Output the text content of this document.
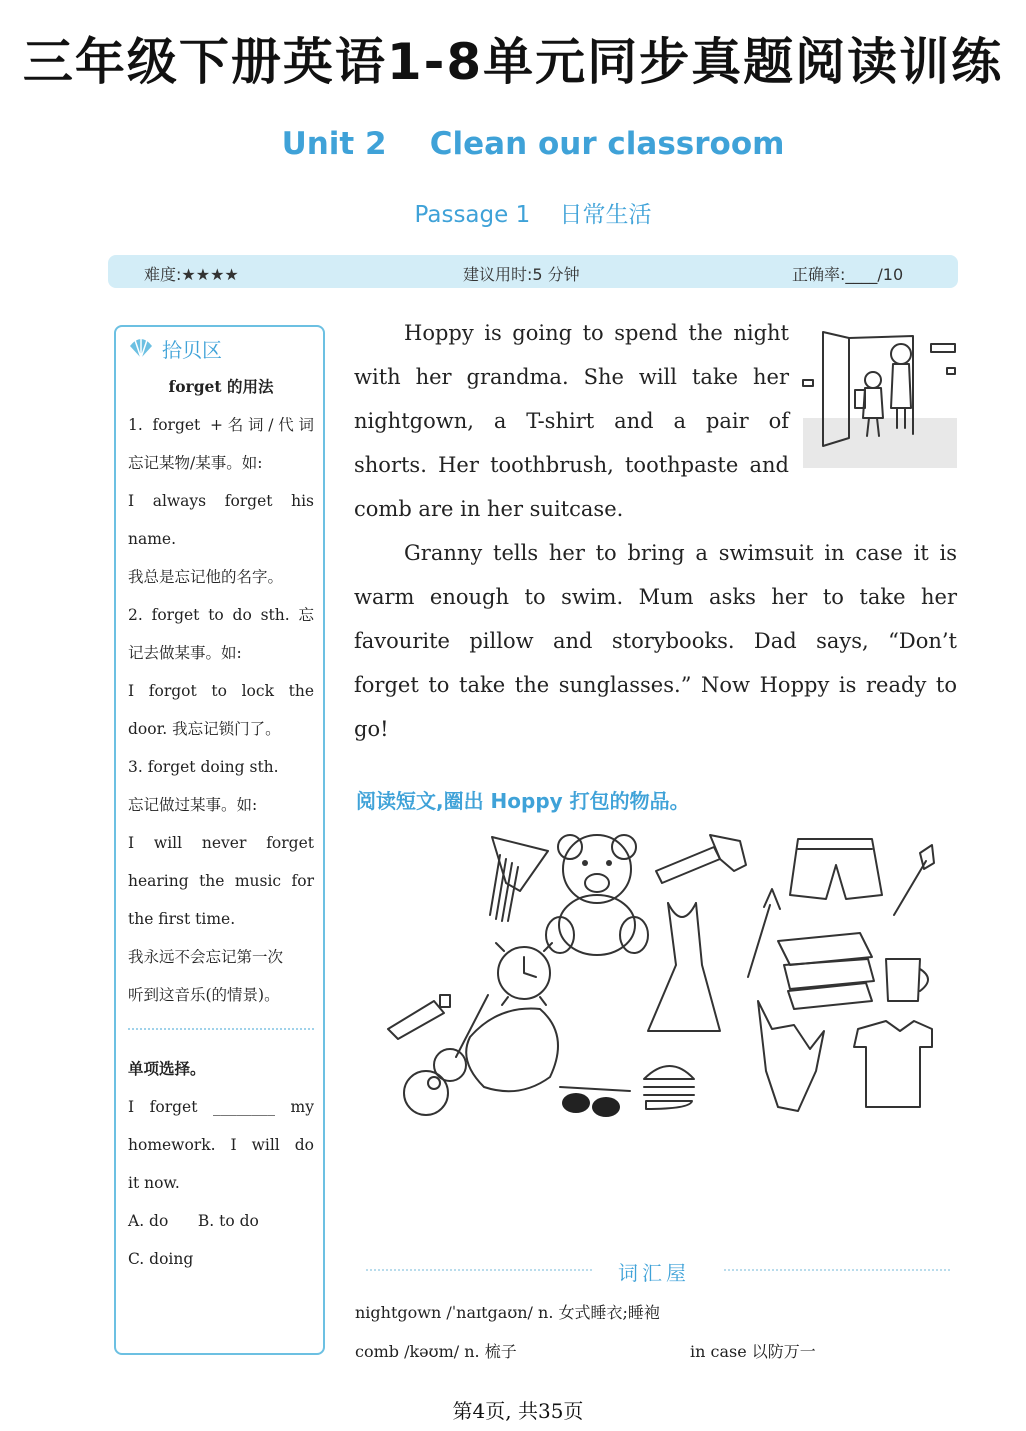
三年级下册英语1-8单元同步真题阅读训练
Unit 2    Clean our classroom
Passage 1    日常生活
难度:★★★★	建议用时:5 分钟	正确率:____/10
拾贝区
forget 的用法
1. forget +名词/代词
忘记某物/某事。如:
I always forget his
name.
我总是忘记他的名字。
2. forget to do sth. 忘
记去做某事。如:
I forgot to lock the
door. 我忘记锁门了。
3. forget doing sth.
忘记做过某事。如:
I will never forget
hearing the music for
the first time.
我永远不会忘记第一次
听到这音乐(的情景)。
单项选择。
I forget ________ my
homework. I will do
it now.
A. do      B. to do
C. doing
Hoppy is going to spend the night
with her grandma. She will take her
nightgown, a T-shirt and a pair of
shorts. Her toothbrush, toothpaste and
comb are in her suitcase.
Granny tells her to bring a swimsuit in case it is
warm enough to swim. Mum asks her to take her
favourite pillow and storybooks. Dad says, “Don’t
forget to take the sunglasses.” Now Hoppy is ready to
go!
阅读短文,圈出 Hoppy 打包的物品。
词汇屋
nightgown /ˈnaɪtgaʊn/ n. 女式睡衣;睡袍
comb /kəʊm/ n. 梳子	in case 以防万一
第4页, 共35页
